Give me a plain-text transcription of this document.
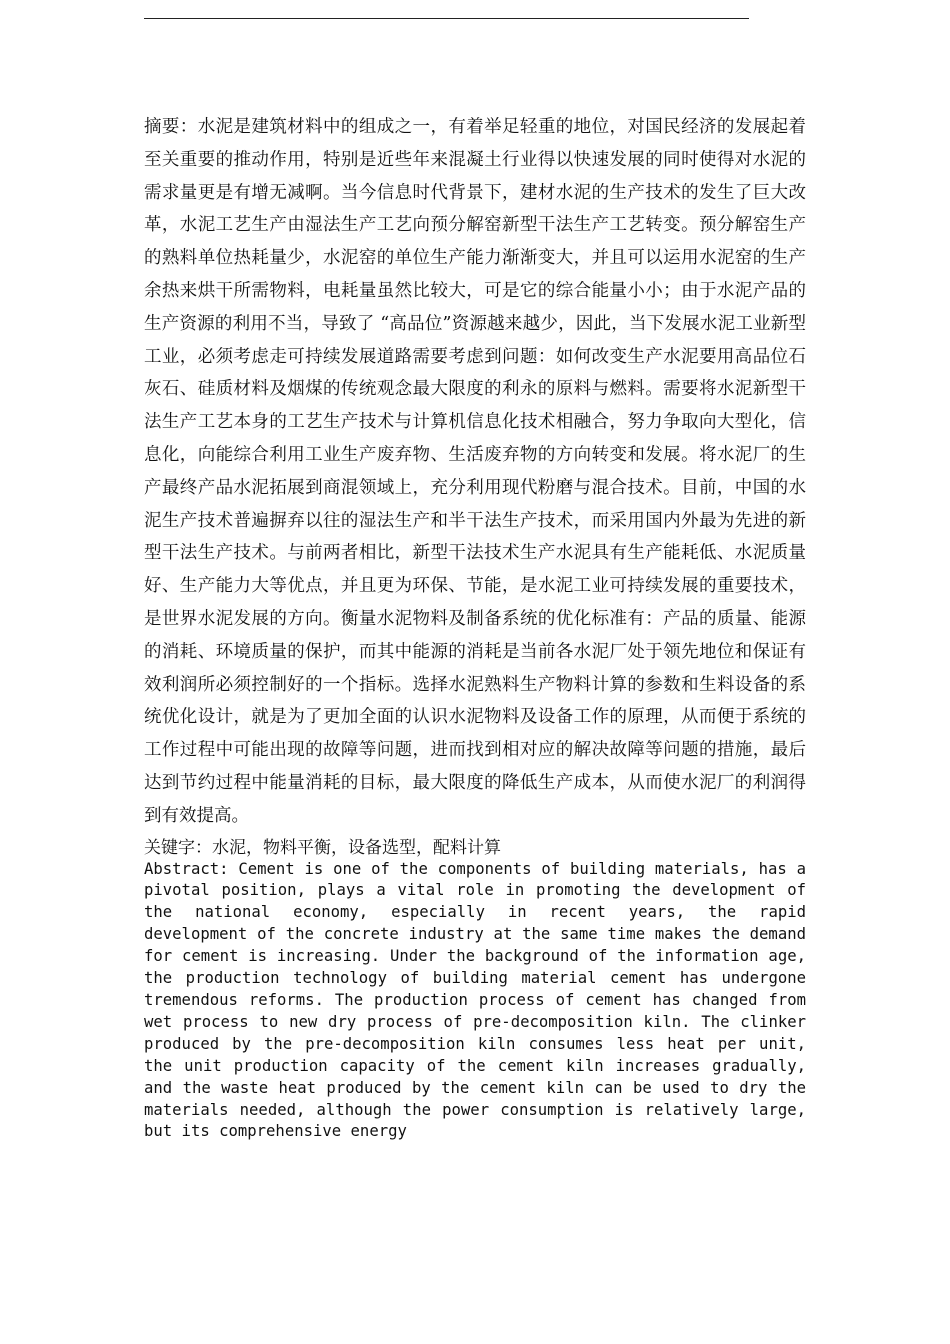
摘要：水泥是建筑材料中的组成之一，有着举足轻重的地位，对国民经济的发展起着至关重要的推动作用，特别是近些年来混凝土行业得以快速发展的同时使得对水泥的需求量更是有增无减啊。当今信息时代背景下，建材水泥的生产技术的发生了巨大改革，水泥工艺生产由湿法生产工艺向预分解窑新型干法生产工艺转变。预分解窑生产的熟料单位热耗量少，水泥窑的单位生产能力渐渐变大，并且可以运用水泥窑的生产余热来烘干所需物料，电耗量虽然比较大，可是它的综合能量小小；由于水泥产品的生产资源的利用不当，导致了 “高品位”资源越来越少，因此，当下发展水泥工业新型工业，必须考虑走可持续发展道路需要考虑到问题：如何改变生产水泥要用高品位石灰石、硅质材料及烟煤的传统观念最大限度的利永的原料与燃料。需要将水泥新型干法生产工艺本身的工艺生产技术与计算机信息化技术相融合，努力争取向大型化，信息化，向能综合利用工业生产废弃物、生活废弃物的方向转变和发展。将水泥厂的生产最终产品水泥拓展到商混领域上，充分利用现代粉磨与混合技术。目前，中国的水泥生产技术普遍摒弃以往的湿法生产和半干法生产技术，而采用国内外最为先进的新型干法生产技术。与前两者相比，新型干法技术生产水泥具有生产能耗低、水泥质量好、生产能力大等优点，并且更为环保、节能，是水泥工业可持续发展的重要技术，是世界水泥发展的方向。衡量水泥物料及制备系统的优化标准有：产品的质量、能源的消耗、环境质量的保护，而其中能源的消耗是当前各水泥厂处于领先地位和保证有效利润所必须控制好的一个指标。选择水泥熟料生产物料计算的参数和生料设备的系统优化设计，就是为了更加全面的认识水泥物料及设备工作的原理，从而便于系统的工作过程中可能出现的故障等问题，进而找到相对应的解决故障等问题的措施，最后达到节约过程中能量消耗的目标，最大限度的降低生产成本，从而使水泥厂的利润得到有效提高。

关键字：水泥，物料平衡，设备选型，配料计算

Abstract: Cement is one of the components of building materials, has a pivotal position, plays a vital role in promoting the development of the national economy, especially in recent years, the rapid development of the concrete industry at the same time makes the demand for cement is increasing. Under the background of the information age, the production technology of building material cement has undergone tremendous reforms. The production process of cement has changed from wet process to new dry process of pre-decomposition kiln. The clinker produced by the pre-decomposition kiln consumes less heat per unit, the unit production capacity of the cement kiln increases gradually, and the waste heat produced by the cement kiln can be used to dry the materials needed, although the power consumption is relatively large, but its comprehensive energy
